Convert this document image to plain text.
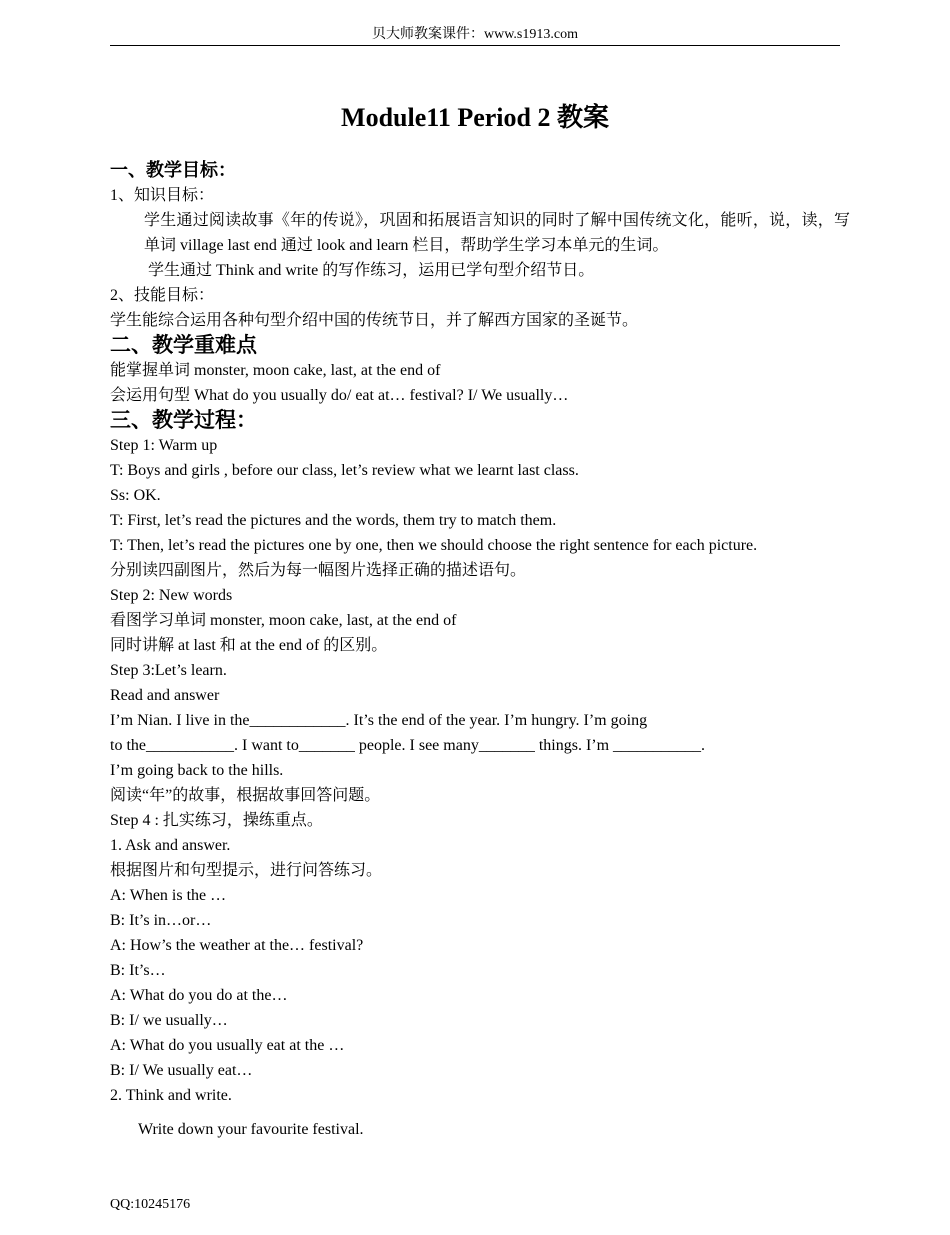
贝大师教案课件：www.s1913.com
Module11 Period 2 教案
一、教学目标：
1、知识目标：
学生通过阅读故事《年的传说》，巩固和拓展语言知识的同时了解中国传统文化，能听，说，读，写单词 village last end 通过 look and learn 栏目，帮助学生学习本单元的生词。
学生通过 Think and write 的写作练习，运用已学句型介绍节日。
2、技能目标：
学生能综合运用各种句型介绍中国的传统节日，并了解西方国家的圣诞节。
二、教学重难点
能掌握单词 monster, moon cake, last, at the end of
会运用句型 What do you usually do/ eat at… festival? I/ We usually…
三、教学过程：
Step 1: Warm up
T: Boys and girls , before our class, let’s review what we learnt last class.
Ss: OK.
T: First, let’s read the pictures and the words, them try to match them.
T: Then, let’s read the pictures one by one, then we should choose the right sentence for each picture.
分别读四副图片，然后为每一幅图片选择正确的描述语句。
Step 2: New words
看图学习单词 monster, moon cake, last, at the end of
同时讲解 at last 和 at the end of 的区别。
Step 3:Let’s learn.
Read and answer
I’m Nian. I live in the____________. It’s the end of the year. I’m hungry. I’m going
to the___________. I want to_______ people. I see many_______ things. I’m ___________.
I’m going back to the hills.
阅读“年”的故事，根据故事回答问题。
Step 4 : 扎实练习，操练重点。
1. Ask and answer.
根据图片和句型提示，进行问答练习。
A: When is the …
B: It’s in…or…
A: How’s the weather at the… festival?
B: It’s…
A: What do you do at the…
B: I/ we usually…
A: What do you usually eat at the …
B: I/ We usually eat…
2. Think and write.
Write down your favourite festival.
QQ:10245176
